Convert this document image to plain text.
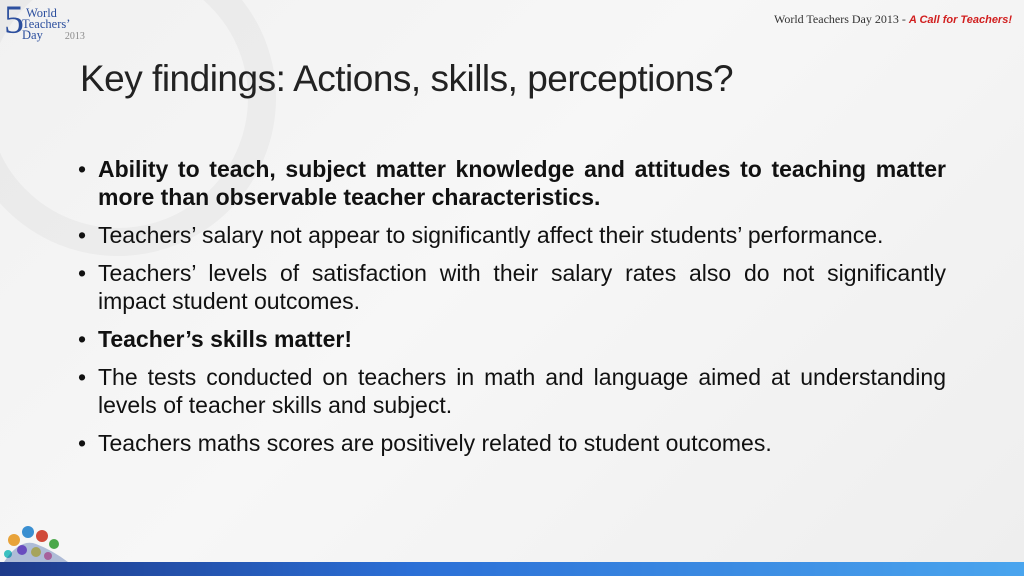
5 World
Teachers’
Day 2013
World Teachers Day 2013 - A Call for Teachers!
Key findings: Actions, skills, perceptions?
• Ability to teach, subject matter knowledge and attitudes to teaching matter more than observable teacher characteristics.
• Teachers’ salary not appear to significantly affect their students’ performance.
• Teachers’ levels of satisfaction with their salary rates also do not significantly impact student outcomes.
• Teacher’s skills matter!
• The tests conducted on teachers in math and language aimed at understanding levels of teacher skills and subject.
• Teachers maths scores are positively related to student outcomes.
